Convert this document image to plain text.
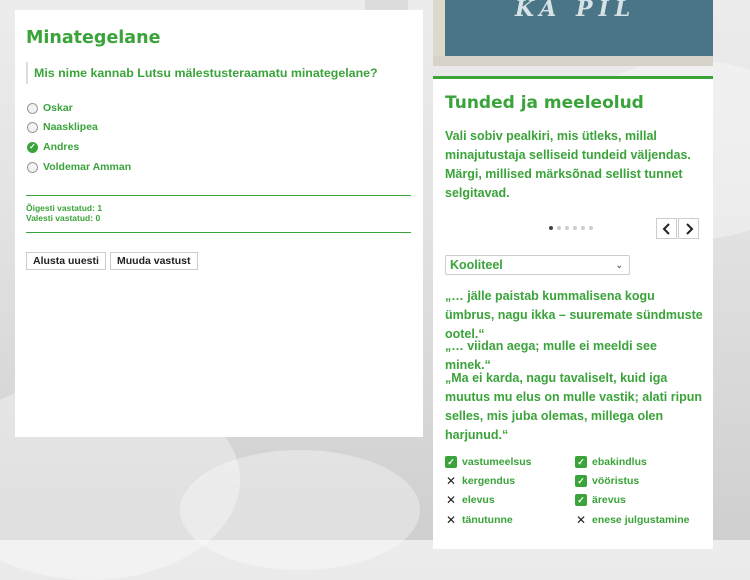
Minategelane
Mis nime kannab Lutsu mälestusteraamatu minategelane?
Oskar
Naasklipea
✓
Andres
Voldemar Amman
Õigesti vastatud: 1
Valesti vastatud: 0
Alusta uuesti	Muuda vastust
KA PIL
Tunded ja meeleolud
Vali sobiv pealkiri, mis ütleks, millal minajutustaja selliseid tundeid väljendas. Märgi, millised märksõnad sellist tunnet selgitavad.
Kooliteel	⌄
„… jälle paistab kummalisena kogu ümbrus, nagu ikka – suuremate sündmuste ootel.“
„… viidan aega; mulle ei meeldi see minek.“
„Ma ei karda, nagu tavaliselt, kuid iga muutus mu elus on mulle vastik; alati ripun selles, mis juba olemas, millega olen harjunud.“
✓ vastumeelsus	✓ ebakindlus
✕ kergendus	✓ vööristus
✕ elevus	✓ ärevus
✕ tänutunne	✕ enese julgustamine
